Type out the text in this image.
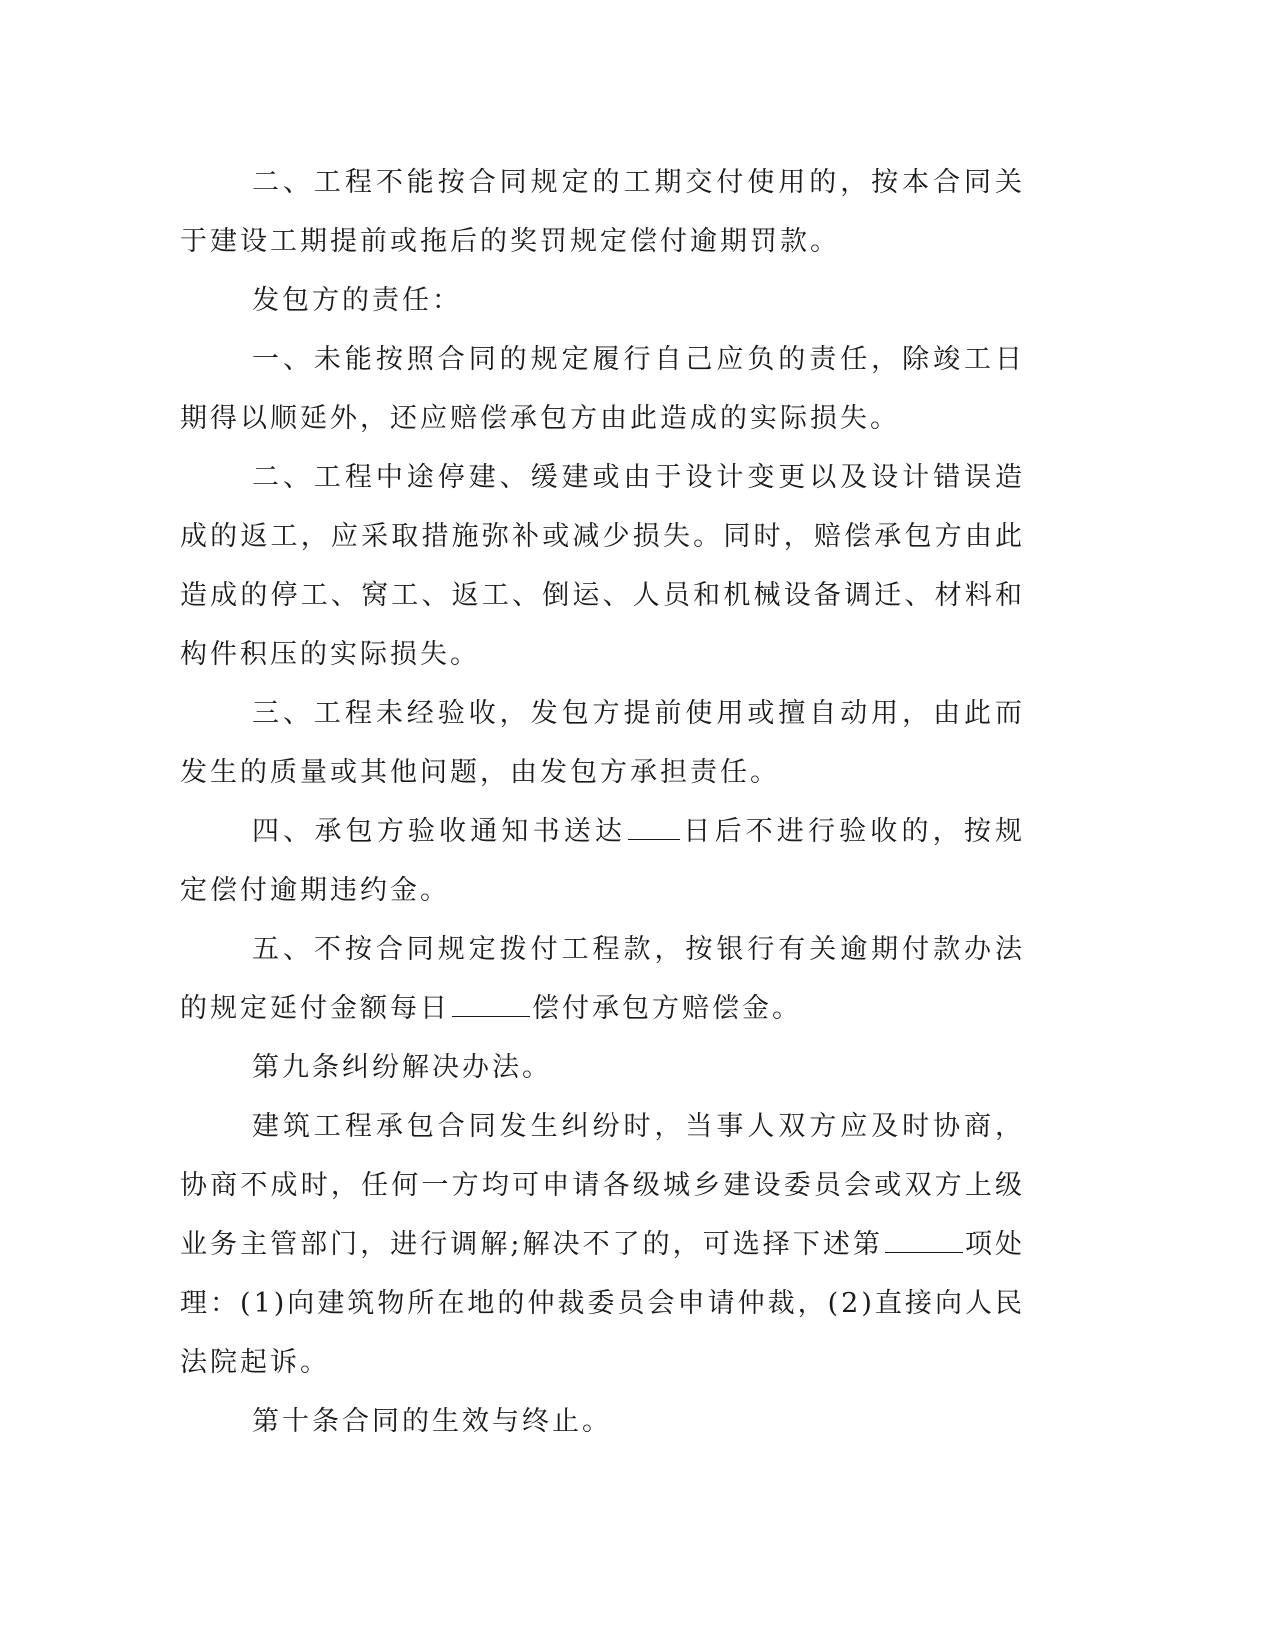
二、工程不能按合同规定的工期交付使用的，按本合同关于建设工期提前或拖后的奖罚规定偿付逾期罚款。

发包方的责任：

一、未能按照合同的规定履行自己应负的责任，除竣工日期得以顺延外，还应赔偿承包方由此造成的实际损失。

二、工程中途停建、缓建或由于设计变更以及设计错误造成的返工，应采取措施弥补或减少损失。同时，赔偿承包方由此造成的停工、窝工、返工、倒运、人员和机械设备调迁、材料和构件积压的实际损失。

三、工程未经验收，发包方提前使用或擅自动用，由此而发生的质量或其他问题，由发包方承担责任。

四、承包方验收通知书送达 日后不进行验收的，按规定偿付逾期违约金。

五、不按合同规定拨付工程款，按银行有关逾期付款办法的规定延付金额每日	偿付承包方赔偿金。

第九条纠纷解决办法。

建筑工程承包合同发生纠纷时，当事人双方应及时协商，协商不成时，任何一方均可申请各级城乡建设委员会或双方上级业务主管部门，进行调解;解决不了的，可选择下述第	项处理：(1)向建筑物所在地的仲裁委员会申请仲裁，(2)直接向人民法院起诉。

第十条合同的生效与终止。
